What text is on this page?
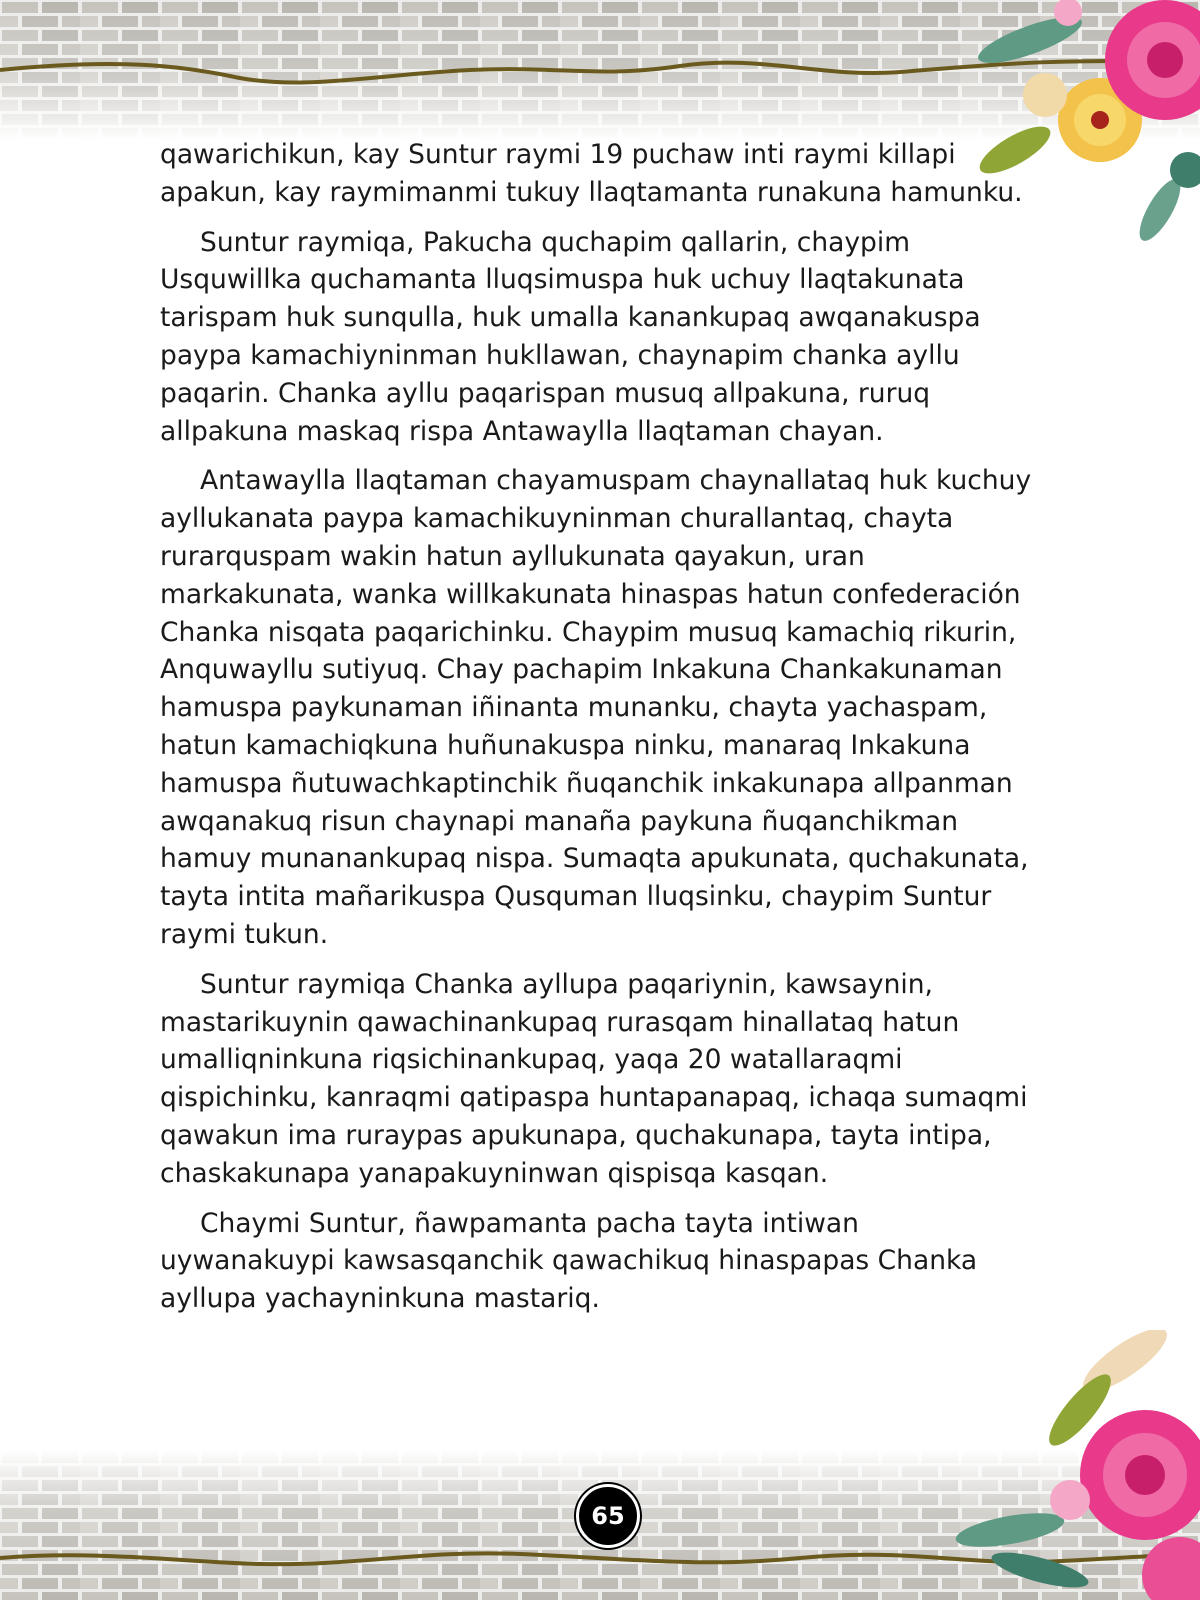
qawarichikun, kay Suntur raymi 19 puchaw inti raymi killapi apakun, kay raymimanmi tukuy llaqtamanta runakuna hamunku.

Suntur raymiqa, Pakucha quchapim qallarin, chaypim Usquwillka quchamanta lluqsimuspa huk uchuy llaqtakunata tarispam huk sunqulla, huk umalla kanankupaq awqanakuspa paypa kamachiyninman hukllawan, chaynapim chanka ayllu paqarin. Chanka ayllu paqarispan musuq allpakuna, ruruq allpakuna maskaq rispa Antawaylla llaqtaman chayan.

Antawaylla llaqtaman chayamuspam chaynallataq huk kuchuy ayllukanata paypa kamachikuyninman churallantaq, chayta rurarquspam wakin hatun ayllukunata qayakun, uran markakunata, wanka willkakunata hinaspas hatun confederación Chanka nisqata paqarichinku. Chaypim musuq kamachiq rikurin, Anquwayllu sutiyuq. Chay pachapim Inkakuna Chankakunaman hamuspa paykunaman iñinanta munanku, chayta yachaspam, hatun kamachiqkuna huñunakuspa ninku, manaraq Inkakuna hamuspa ñutuwachkaptinchik ñuqanchik inkakunapa allpanman awqanakuq risun chaynapi manaña paykuna ñuqanchikman hamuy munanankupaq nispa. Sumaqta apukunata, quchakunata, tayta intita mañarikuspa Qusquman lluqsinku, chaypim Suntur raymi tukun.

Suntur raymiqa Chanka ayllupa paqariynin, kawsaynin, mastarikuynin qawachinankupaq rurasqam hinallataq hatun umalliqninkuna riqsichinankupaq, yaqa 20 watallaraqmi qispichinku, kanraqmi qatipaspa huntapanapaq, ichaqa sumaqmi qawakun ima ruraypas apukunapa, quchakunapa, tayta intipa, chaskakunapa yanapakuyninwan qispisqa kasqan.

Chaymi Suntur, ñawpamanta pacha tayta intiwan uywanakuypi kawsasqanchik qawachikuq hinaspapas Chanka ayllupa yachayninkuna mastariq.

65
